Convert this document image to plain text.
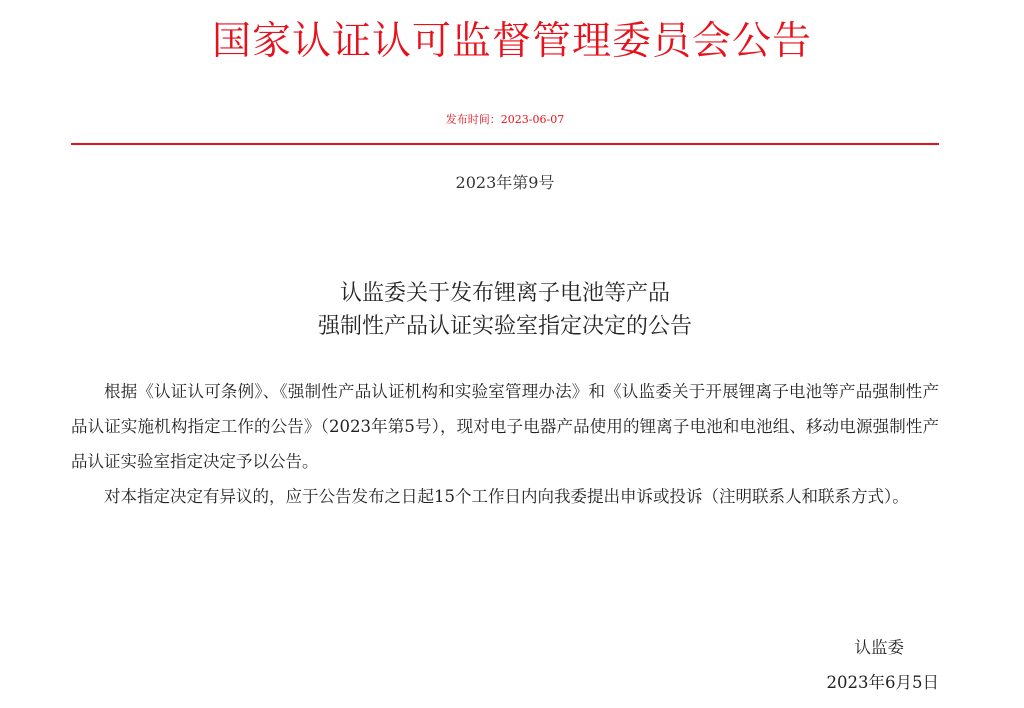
国家认证认可监督管理委员会公告
发布时间：2023-06-07
2023年第9号
认监委关于发布锂离子电池等产品
强制性产品认证实验室指定决定的公告

根据《认证认可条例》、《强制性产品认证机构和实验室管理办法》和《认监委关于开展锂离子电池等产品强制性产品认证实施机构指定工作的公告》（2023年第5号），现对电子电器产品使用的锂离子电池和电池组、移动电源强制性产品认证实验室指定决定予以公告。

对本指定决定有异议的，应于公告发布之日起15个工作日内向我委提出申诉或投诉（注明联系人和联系方式）。

认监委
2023年6月5日
